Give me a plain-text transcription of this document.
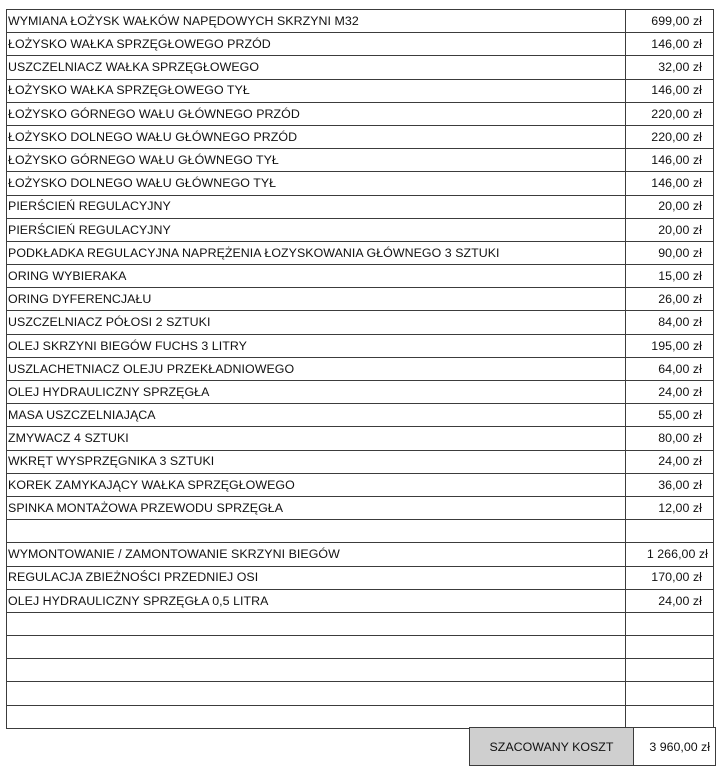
WYMIANA ŁOŻYSK WAŁKÓW NAPĘDOWYCH SKRZYNI M32	699,00 zł
ŁOŻYSKO WAŁKA SPRZĘGŁOWEGO PRZÓD	146,00 zł
USZCZELNIACZ WAŁKA SPRZĘGŁOWEGO	32,00 zł
ŁOŻYSKO WAŁKA SPRZĘGŁOWEGO TYŁ	146,00 zł
ŁOŻYSKO GÓRNEGO WAŁU GŁÓWNEGO PRZÓD	220,00 zł
ŁOŻYSKO DOLNEGO WAŁU GŁÓWNEGO PRZÓD	220,00 zł
ŁOŻYSKO GÓRNEGO WAŁU GŁÓWNEGO TYŁ	146,00 zł
ŁOŻYSKO DOLNEGO WAŁU GŁÓWNEGO TYŁ	146,00 zł
PIERŚCIEŃ REGULACYJNY	20,00 zł
PIERŚCIEŃ REGULACYJNY	20,00 zł
PODKŁADKA REGULACYJNA NAPRĘŻENIA ŁOZYSKOWANIA GŁÓWNEGO 3 SZTUKI	90,00 zł
ORING WYBIERAKA	15,00 zł
ORING DYFERENCJAŁU	26,00 zł
USZCZELNIACZ PÓŁOSI 2 SZTUKI	84,00 zł
OLEJ SKRZYNI BIEGÓW FUCHS 3 LITRY	195,00 zł
USZLACHETNIACZ OLEJU PRZEKŁADNIOWEGO	64,00 zł
OLEJ HYDRAULICZNY SPRZĘGŁA	24,00 zł
MASA USZCZELNIAJĄCA	55,00 zł
ZMYWACZ 4 SZTUKI	80,00 zł
WKRĘT WYSPRZĘGNIKA 3 SZTUKI	24,00 zł
KOREK ZAMYKAJĄCY WAŁKA SPRZĘGŁOWEGO	36,00 zł
SPINKA MONTAŻOWA PRZEWODU SPRZĘGŁA	12,00 zł

WYMONTOWANIE / ZAMONTOWANIE SKRZYNI BIEGÓW	1 266,00 zł
REGULACJA ZBIEŻNOŚCI PRZEDNIEJ OSI	170,00 zł
OLEJ HYDRAULICZNY SPRZĘGŁA 0,5 LITRA	24,00 zł

SZACOWANY KOSZT	3 960,00 zł
